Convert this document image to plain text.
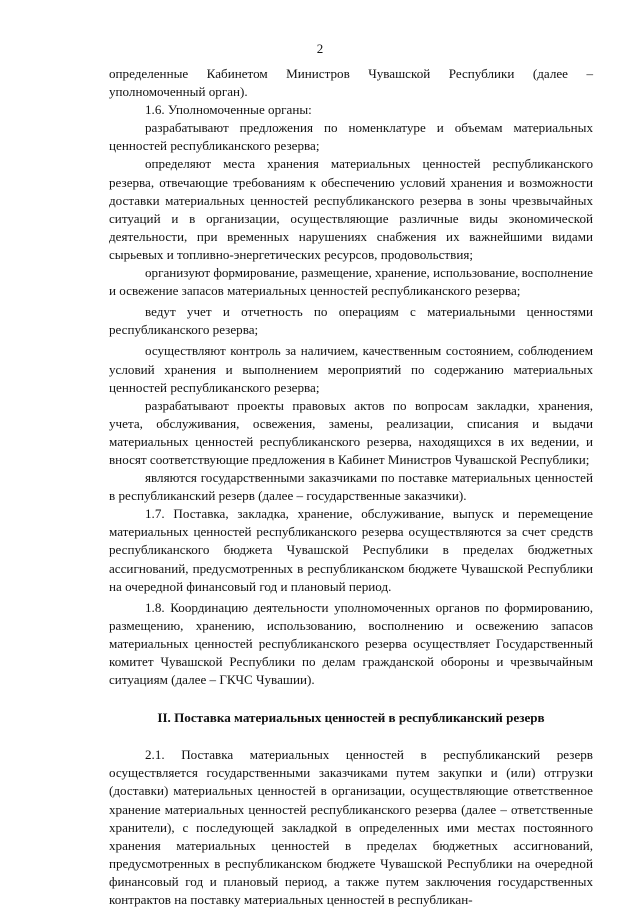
2

определенные Кабинетом Министров Чувашской Республики (далее – уполномоченный орган).

1.6. Уполномоченные органы:

разрабатывают предложения по номенклатуре и объемам материальных ценностей республиканского резерва;

определяют места хранения материальных ценностей республиканского резерва, отвечающие требованиям к обеспечению условий хранения и возможности доставки материальных ценностей республиканского резерва в зоны чрезвычайных ситуаций и в организации, осуществляющие различные виды экономической деятельности, при временных нарушениях снабжения их важнейшими видами сырьевых и топливно-энергетических ресурсов, продовольствия;

организуют формирование, размещение, хранение, использование, восполнение и освежение запасов материальных ценностей республиканского резерва;

ведут учет и отчетность по операциям с материальными ценностями республиканского резерва;

осуществляют контроль за наличием, качественным состоянием, соблюдением условий хранения и выполнением мероприятий по содержанию материальных ценностей республиканского резерва;

разрабатывают проекты правовых актов по вопросам закладки, хранения, учета, обслуживания, освежения, замены, реализации, списания и выдачи материальных ценностей республиканского резерва, находящихся в их ведении, и вносят соответствующие предложения в Кабинет Министров Чувашской Республики;

являются государственными заказчиками по поставке материальных ценностей в республиканский резерв (далее – государственные заказчики).

1.7. Поставка, закладка, хранение, обслуживание, выпуск и перемещение материальных ценностей республиканского резерва осуществляются за счет средств республиканского бюджета Чувашской Республики в пределах бюджетных ассигнований, предусмотренных в республиканском бюджете Чувашской Республики на очередной финансовый год и плановый период.

1.8. Координацию деятельности уполномоченных органов по формированию, размещению, хранению, использованию, восполнению и освежению запасов материальных ценностей республиканского резерва осуществляет Государственный комитет Чувашской Республики по делам гражданской обороны и чрезвычайным ситуациям (далее – ГКЧС Чувашии).

II. Поставка материальных ценностей в республиканский резерв

2.1. Поставка материальных ценностей в республиканский резерв осуществляется государственными заказчиками путем закупки и (или) отгрузки (доставки) материальных ценностей в организации, осуществляющие ответственное хранение материальных ценностей республиканского резерва (далее – ответственные хранители), с последующей закладкой в определенных ими местах постоянного хранения материальных ценностей в пределах бюджетных ассигнований, предусмотренных в республиканском бюджете Чувашской Республики на очередной финансовый год и плановый период, а также путем заключения государственных контрактов на поставку материальных ценностей в республикан-
